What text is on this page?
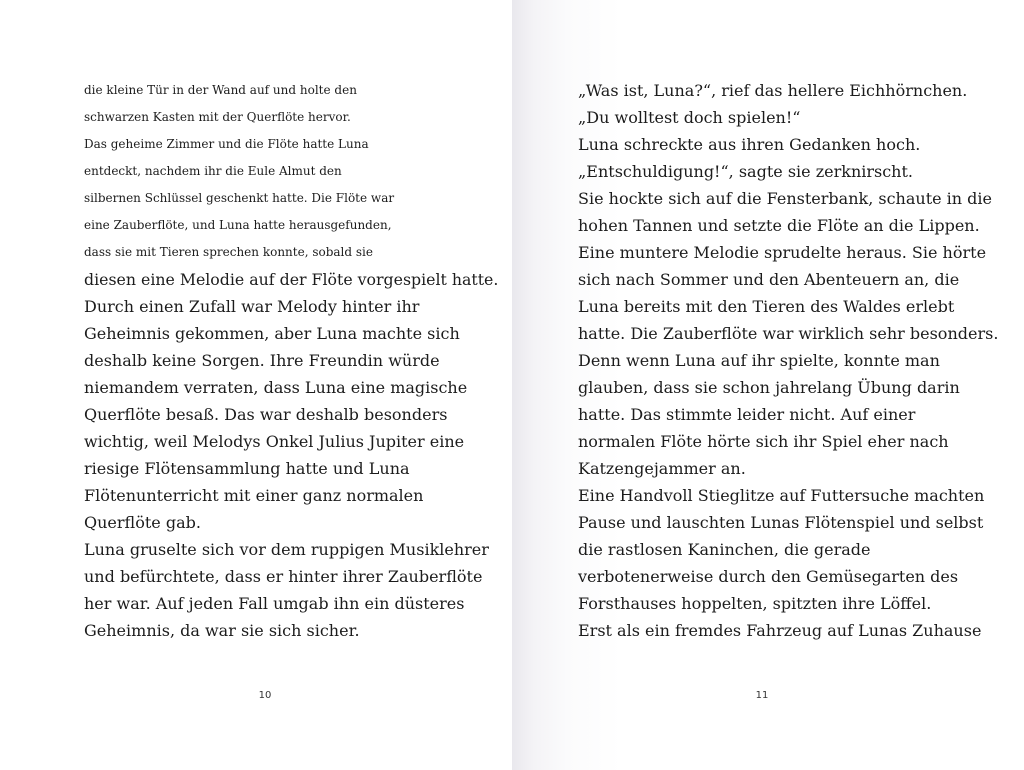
die kleine Tür in der Wand auf und holte den
schwarzen Kasten mit der Querflöte hervor.
Das geheime Zimmer und die Flöte hatte Luna
entdeckt, nachdem ihr die Eule Almut den
silbernen Schlüssel geschenkt hatte. Die Flöte war
eine Zauberflöte, und Luna hatte herausgefunden,
dass sie mit Tieren sprechen konnte, sobald sie
diesen eine Melodie auf der Flöte vorgespielt hatte.
Durch einen Zufall war Melody hinter ihr
Geheimnis gekommen, aber Luna machte sich
deshalb keine Sorgen. Ihre Freundin würde
niemandem verraten, dass Luna eine magische
Querflöte besaß. Das war deshalb besonders
wichtig, weil Melodys Onkel Julius Jupiter eine
riesige Flötensammlung hatte und Luna
Flötenunterricht mit einer ganz normalen
Querflöte gab.
Luna gruselte sich vor dem ruppigen Musiklehrer
und befürchtete, dass er hinter ihrer Zauberflöte
her war. Auf jeden Fall umgab ihn ein düsteres
Geheimnis, da war sie sich sicher.
10
„Was ist, Luna?“, rief das hellere Eichhörnchen.
„Du wolltest doch spielen!“
Luna schreckte aus ihren Gedanken hoch.
„Entschuldigung!“, sagte sie zerknirscht.
Sie hockte sich auf die Fensterbank, schaute in die
hohen Tannen und setzte die Flöte an die Lippen.
Eine muntere Melodie sprudelte heraus. Sie hörte
sich nach Sommer und den Abenteuern an, die
Luna bereits mit den Tieren des Waldes erlebt
hatte. Die Zauberflöte war wirklich sehr besonders.
Denn wenn Luna auf ihr spielte, konnte man
glauben, dass sie schon jahrelang Übung darin
hatte. Das stimmte leider nicht. Auf einer
normalen Flöte hörte sich ihr Spiel eher nach
Katzengejammer an.
Eine Handvoll Stieglitze auf Futtersuche machten
Pause und lauschten Lunas Flötenspiel und selbst
die rastlosen Kaninchen, die gerade
verbotenerweise durch den Gemüsegarten des
Forsthauses hoppelten, spitzten ihre Löffel.
Erst als ein fremdes Fahrzeug auf Lunas Zuhause
11
